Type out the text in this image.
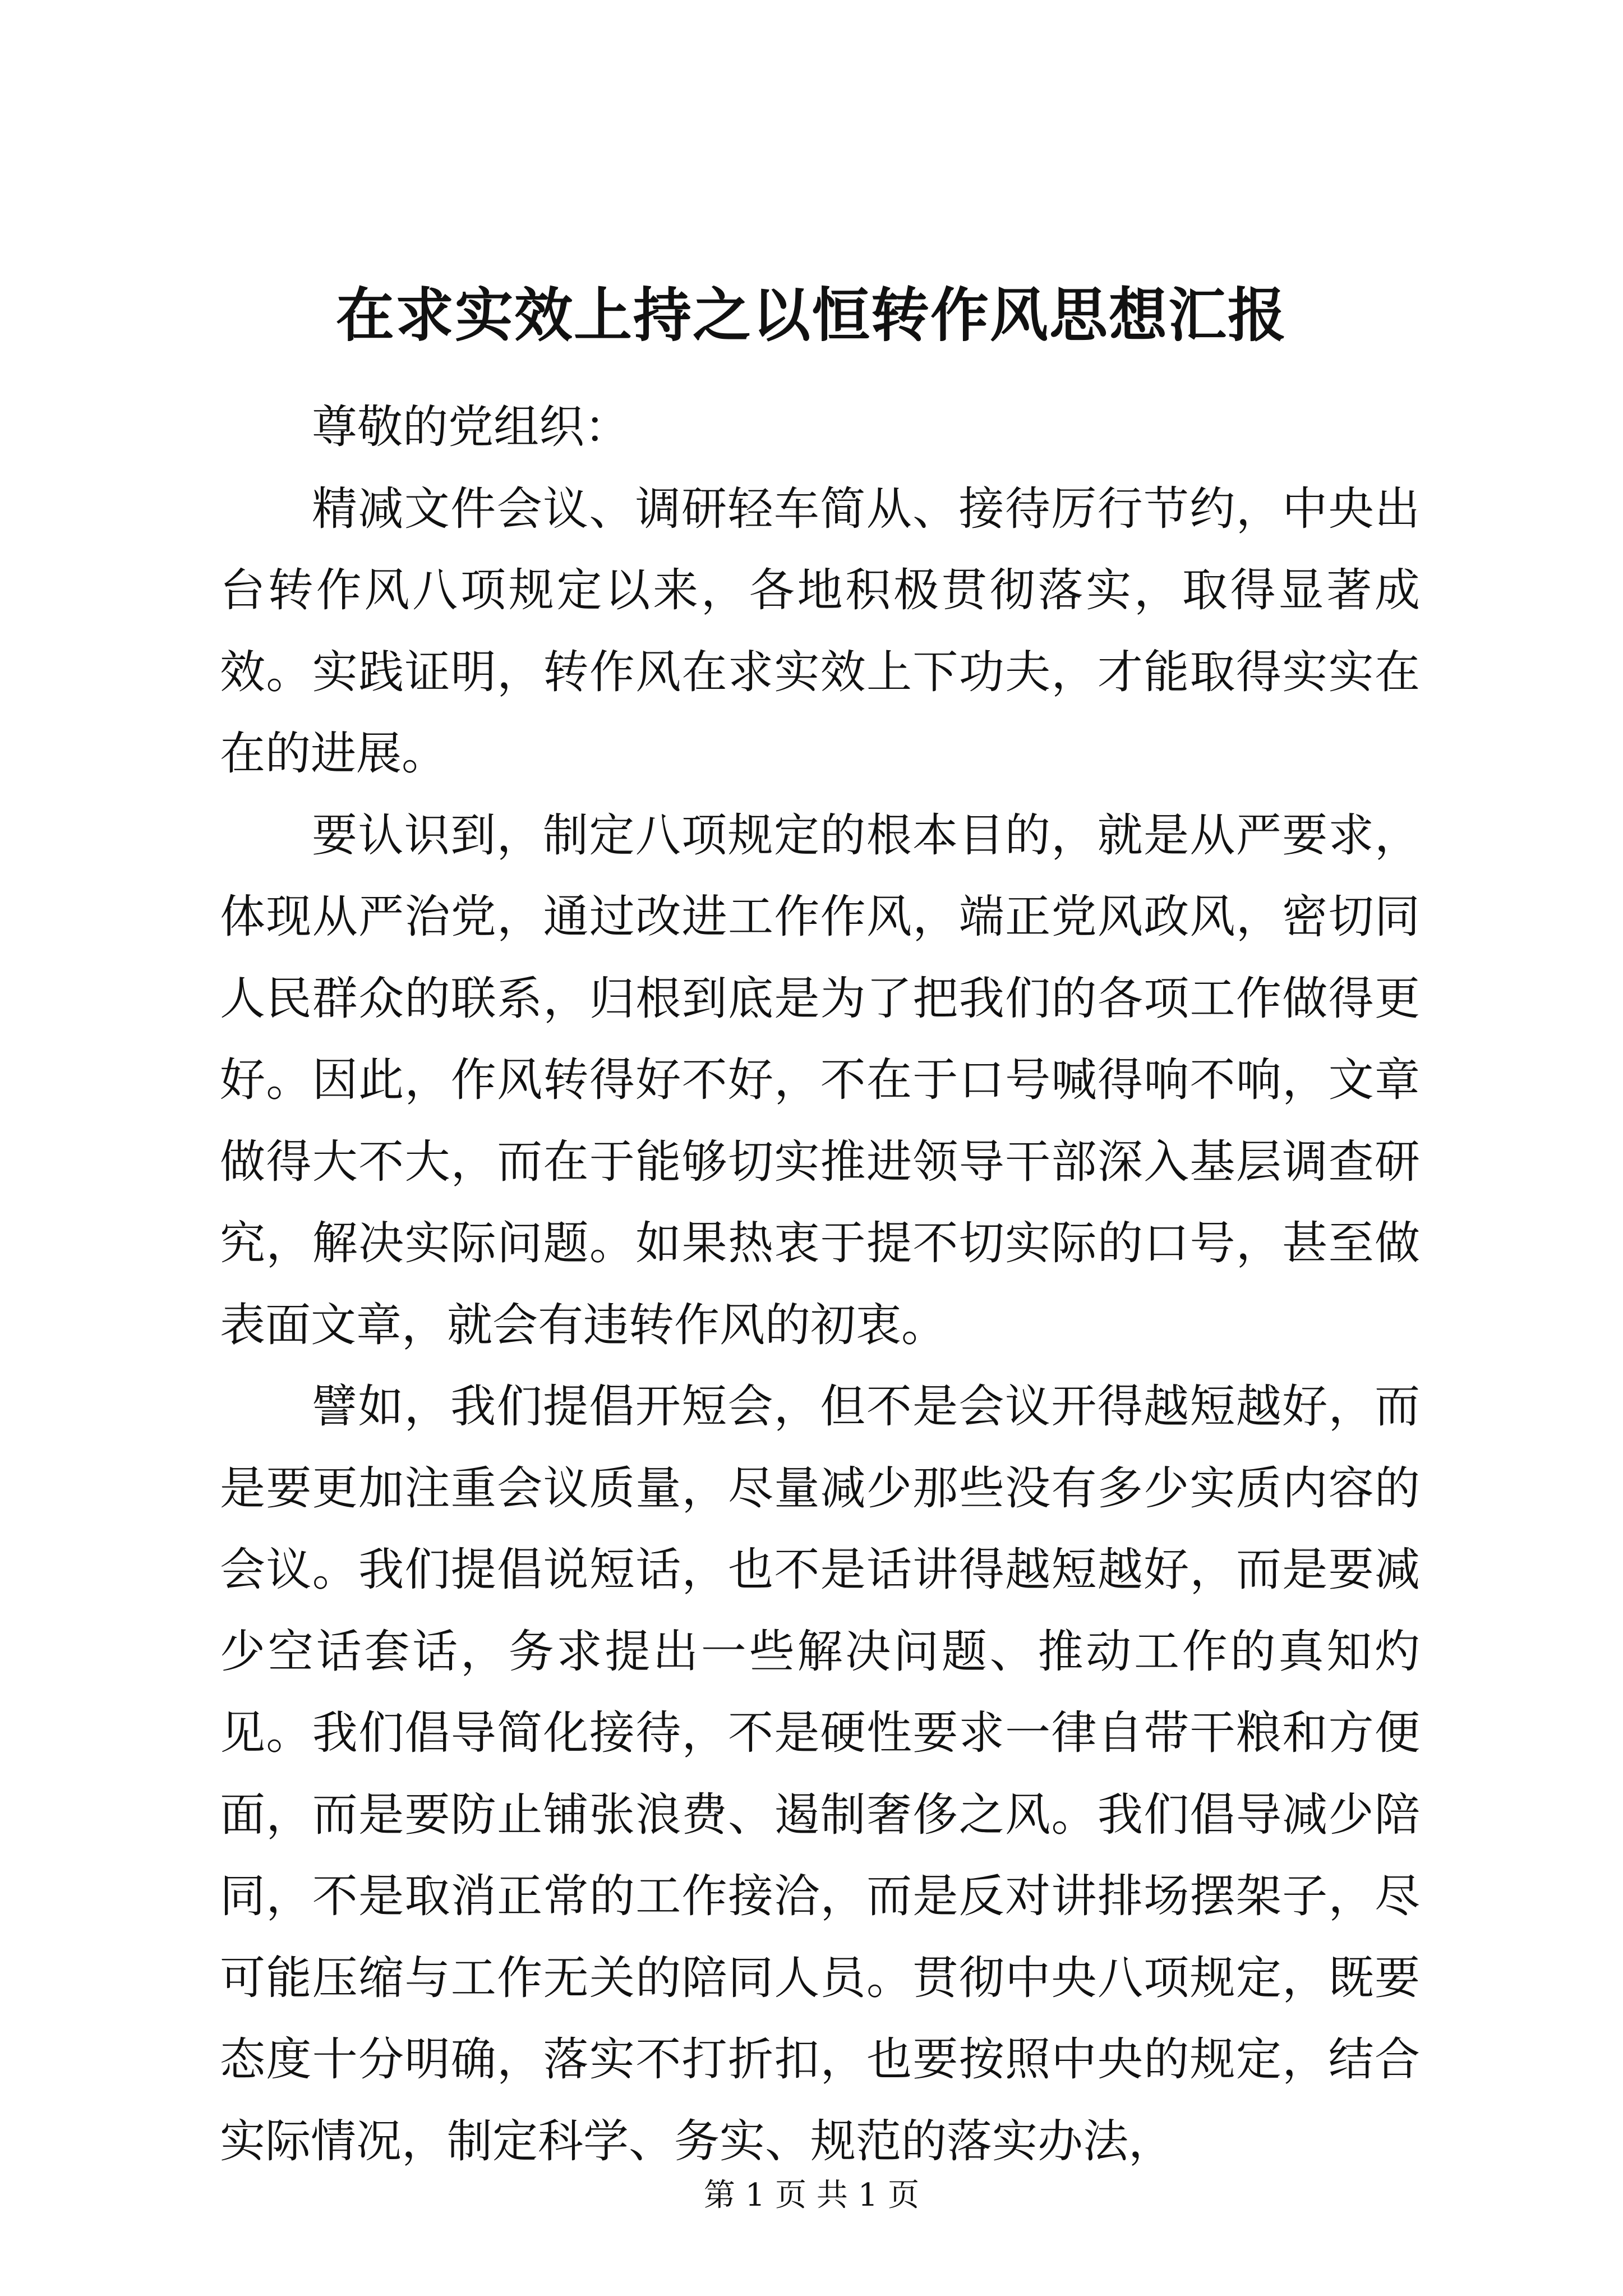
在求实效上持之以恒转作风思想汇报

尊敬的党组织：

精减文件会议、调研轻车简从、接待厉行节约，中央出台转作风八项规定以来，各地积极贯彻落实，取得显著成效。实践证明，转作风在求实效上下功夫，才能取得实实在在的进展。

要认识到，制定八项规定的根本目的，就是从严要求，体现从严治党，通过改进工作作风，端正党风政风，密切同人民群众的联系，归根到底是为了把我们的各项工作做得更好。因此，作风转得好不好，不在于口号喊得响不响，文章做得大不大，而在于能够切实推进领导干部深入基层调查研究，解决实际问题。如果热衷于提不切实际的口号，甚至做表面文章，就会有违转作风的初衷。

譬如，我们提倡开短会，但不是会议开得越短越好，而是要更加注重会议质量，尽量减少那些没有多少实质内容的会议。我们提倡说短话，也不是话讲得越短越好，而是要减少空话套话，务求提出一些解决问题、推动工作的真知灼见。我们倡导简化接待，不是硬性要求一律自带干粮和方便面，而是要防止铺张浪费、遏制奢侈之风。我们倡导减少陪同，不是取消正常的工作接洽，而是反对讲排场摆架子，尽可能压缩与工作无关的陪同人员。贯彻中央八项规定，既要态度十分明确，落实不打折扣，也要按照中央的规定，结合实际情况，制定科学、务实、规范的落实办法，

第 1 页 共 1 页
